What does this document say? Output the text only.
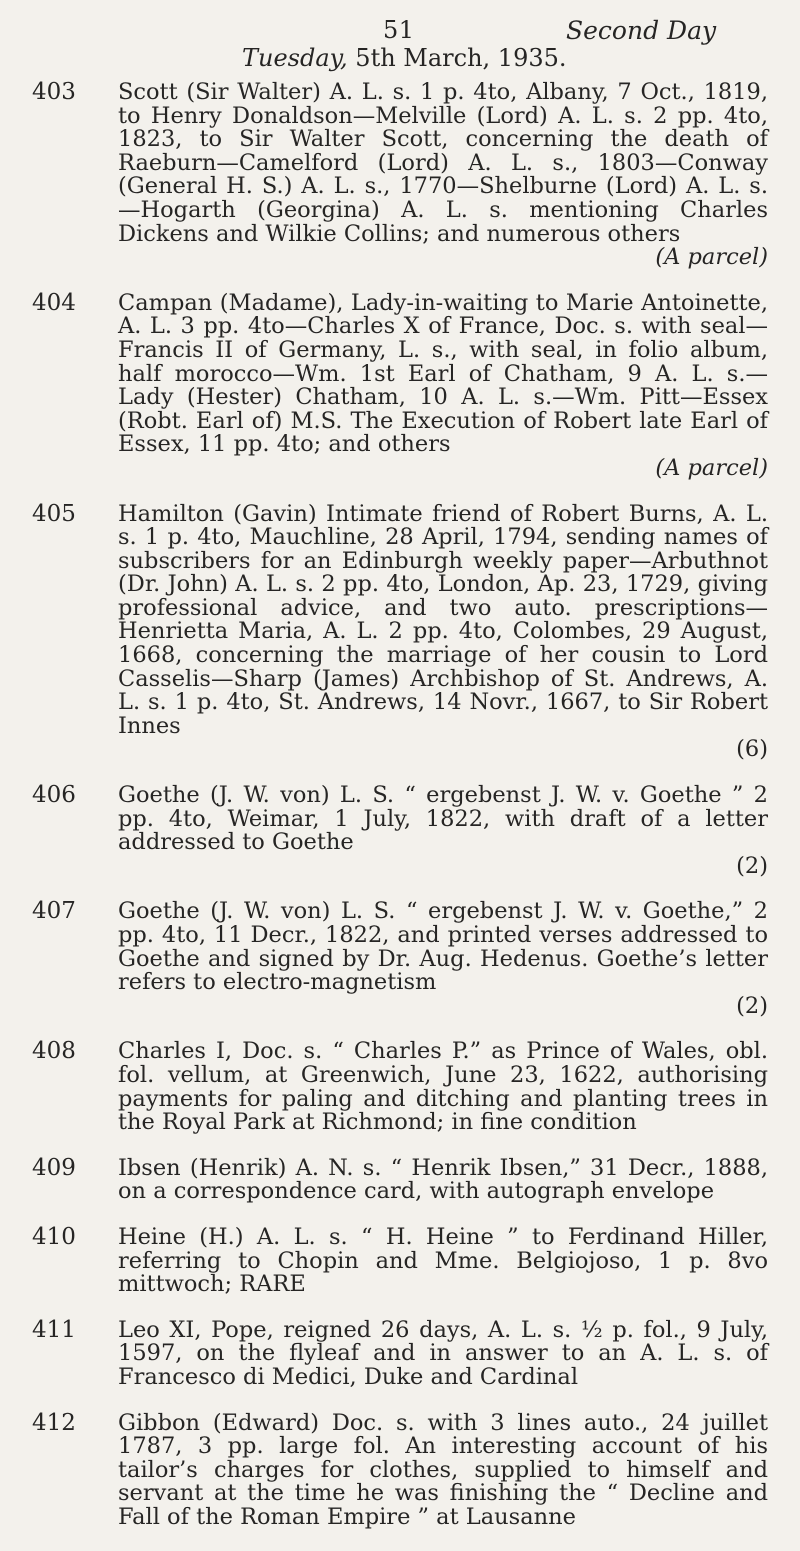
51	Second Day
Tuesday, 5th March, 1935.
403 Scott (Sir Walter) A. L. s. 1 p. 4to, Albany, 7 Oct., 1819, to Henry Donaldson—Melville (Lord) A. L. s. 2 pp. 4to, 1823, to Sir Walter Scott, concerning the death of Raeburn—Camelford (Lord) A. L. s., 1803—Conway (General H. S.) A. L. s., 1770—Shelburne (Lord) A. L. s.—Hogarth (Georgina) A. L. s. mentioning Charles Dickens and Wilkie Collins; and numerous others
(A parcel)
404 Campan (Madame), Lady-in-waiting to Marie Antoinette, A. L. 3 pp. 4to—Charles X of France, Doc. s. with seal—Francis II of Germany, L. s., with seal, in folio album, half morocco—Wm. 1st Earl of Chatham, 9 A. L. s.—Lady (Hester) Chatham, 10 A. L. s.—Wm. Pitt—Essex (Robt. Earl of) M.S. The Execution of Robert late Earl of Essex, 11 pp. 4to; and others
(A parcel)
405 Hamilton (Gavin) Intimate friend of Robert Burns, A. L. s. 1 p. 4to, Mauchline, 28 April, 1794, sending names of subscribers for an Edinburgh weekly paper—Arbuthnot (Dr. John) A. L. s. 2 pp. 4to, London, Ap. 23, 1729, giving professional advice, and two auto. prescriptions—Henrietta Maria, A. L. 2 pp. 4to, Colombes, 29 August, 1668, concerning the marriage of her cousin to Lord Casselis—Sharp (James) Archbishop of St. Andrews, A. L. s. 1 p. 4to, St. Andrews, 14 Novr., 1667, to Sir Robert Innes
(6)
406 Goethe (J. W. von) L. S. “ ergebenst J. W. v. Goethe ” 2 pp. 4to, Weimar, 1 July, 1822, with draft of a letter addressed to Goethe
(2)
407 Goethe (J. W. von) L. S. “ ergebenst J. W. v. Goethe,” 2 pp. 4to, 11 Decr., 1822, and printed verses addressed to Goethe and signed by Dr. Aug. Hedenus. Goethe’s letter refers to electro-magnetism
(2)
408 Charles I, Doc. s. “ Charles P.” as Prince of Wales, obl. fol. vellum, at Greenwich, June 23, 1622, authorising payments for paling and ditching and planting trees in the Royal Park at Richmond; in fine condition
409 Ibsen (Henrik) A. N. s. “ Henrik Ibsen,” 31 Decr., 1888, on a correspondence card, with autograph envelope
410 Heine (H.) A. L. s. “ H. Heine ” to Ferdinand Hiller, referring to Chopin and Mme. Belgiojoso, 1 p. 8vo mittwoch; RARE
411 Leo XI, Pope, reigned 26 days, A. L. s. ½ p. fol., 9 July, 1597, on the flyleaf and in answer to an A. L. s. of Francesco di Medici, Duke and Cardinal
412 Gibbon (Edward) Doc. s. with 3 lines auto., 24 juillet 1787, 3 pp. large fol. An interesting account of his tailor’s charges for clothes, supplied to himself and servant at the time he was finishing the “ Decline and Fall of the Roman Empire ” at Lausanne
